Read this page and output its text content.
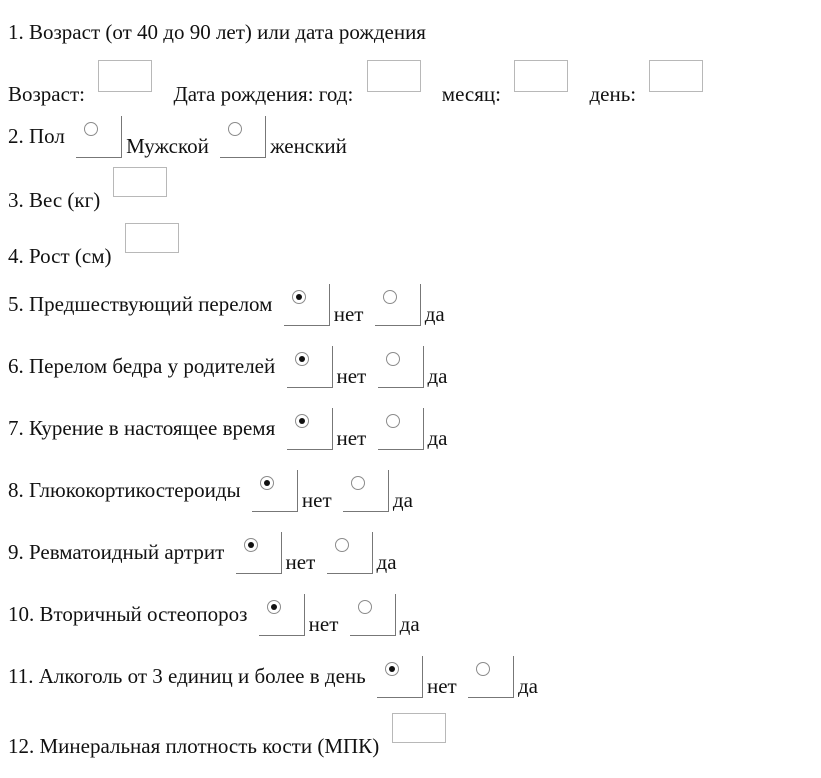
1. Возраст (от 40 до 90 лет) или дата рождения
Возраст:	Дата рождения: год:	месяц:	день:
2. Пол	Мужской	женский
3. Вес (кг)
4. Рост (см)
5. Предшествующий перелом	нет	да
6. Перелом бедра у родителей	нет	да
7. Курение в настоящее время	нет	да
8. Глюкокортикостероиды	нет	да
9. Ревматоидный артрит	нет	да
10. Вторичный остеопороз	нет	да
11. Алкоголь от 3 единиц и более в день	нет	да
12. Минеральная плотность кости (МПК)
